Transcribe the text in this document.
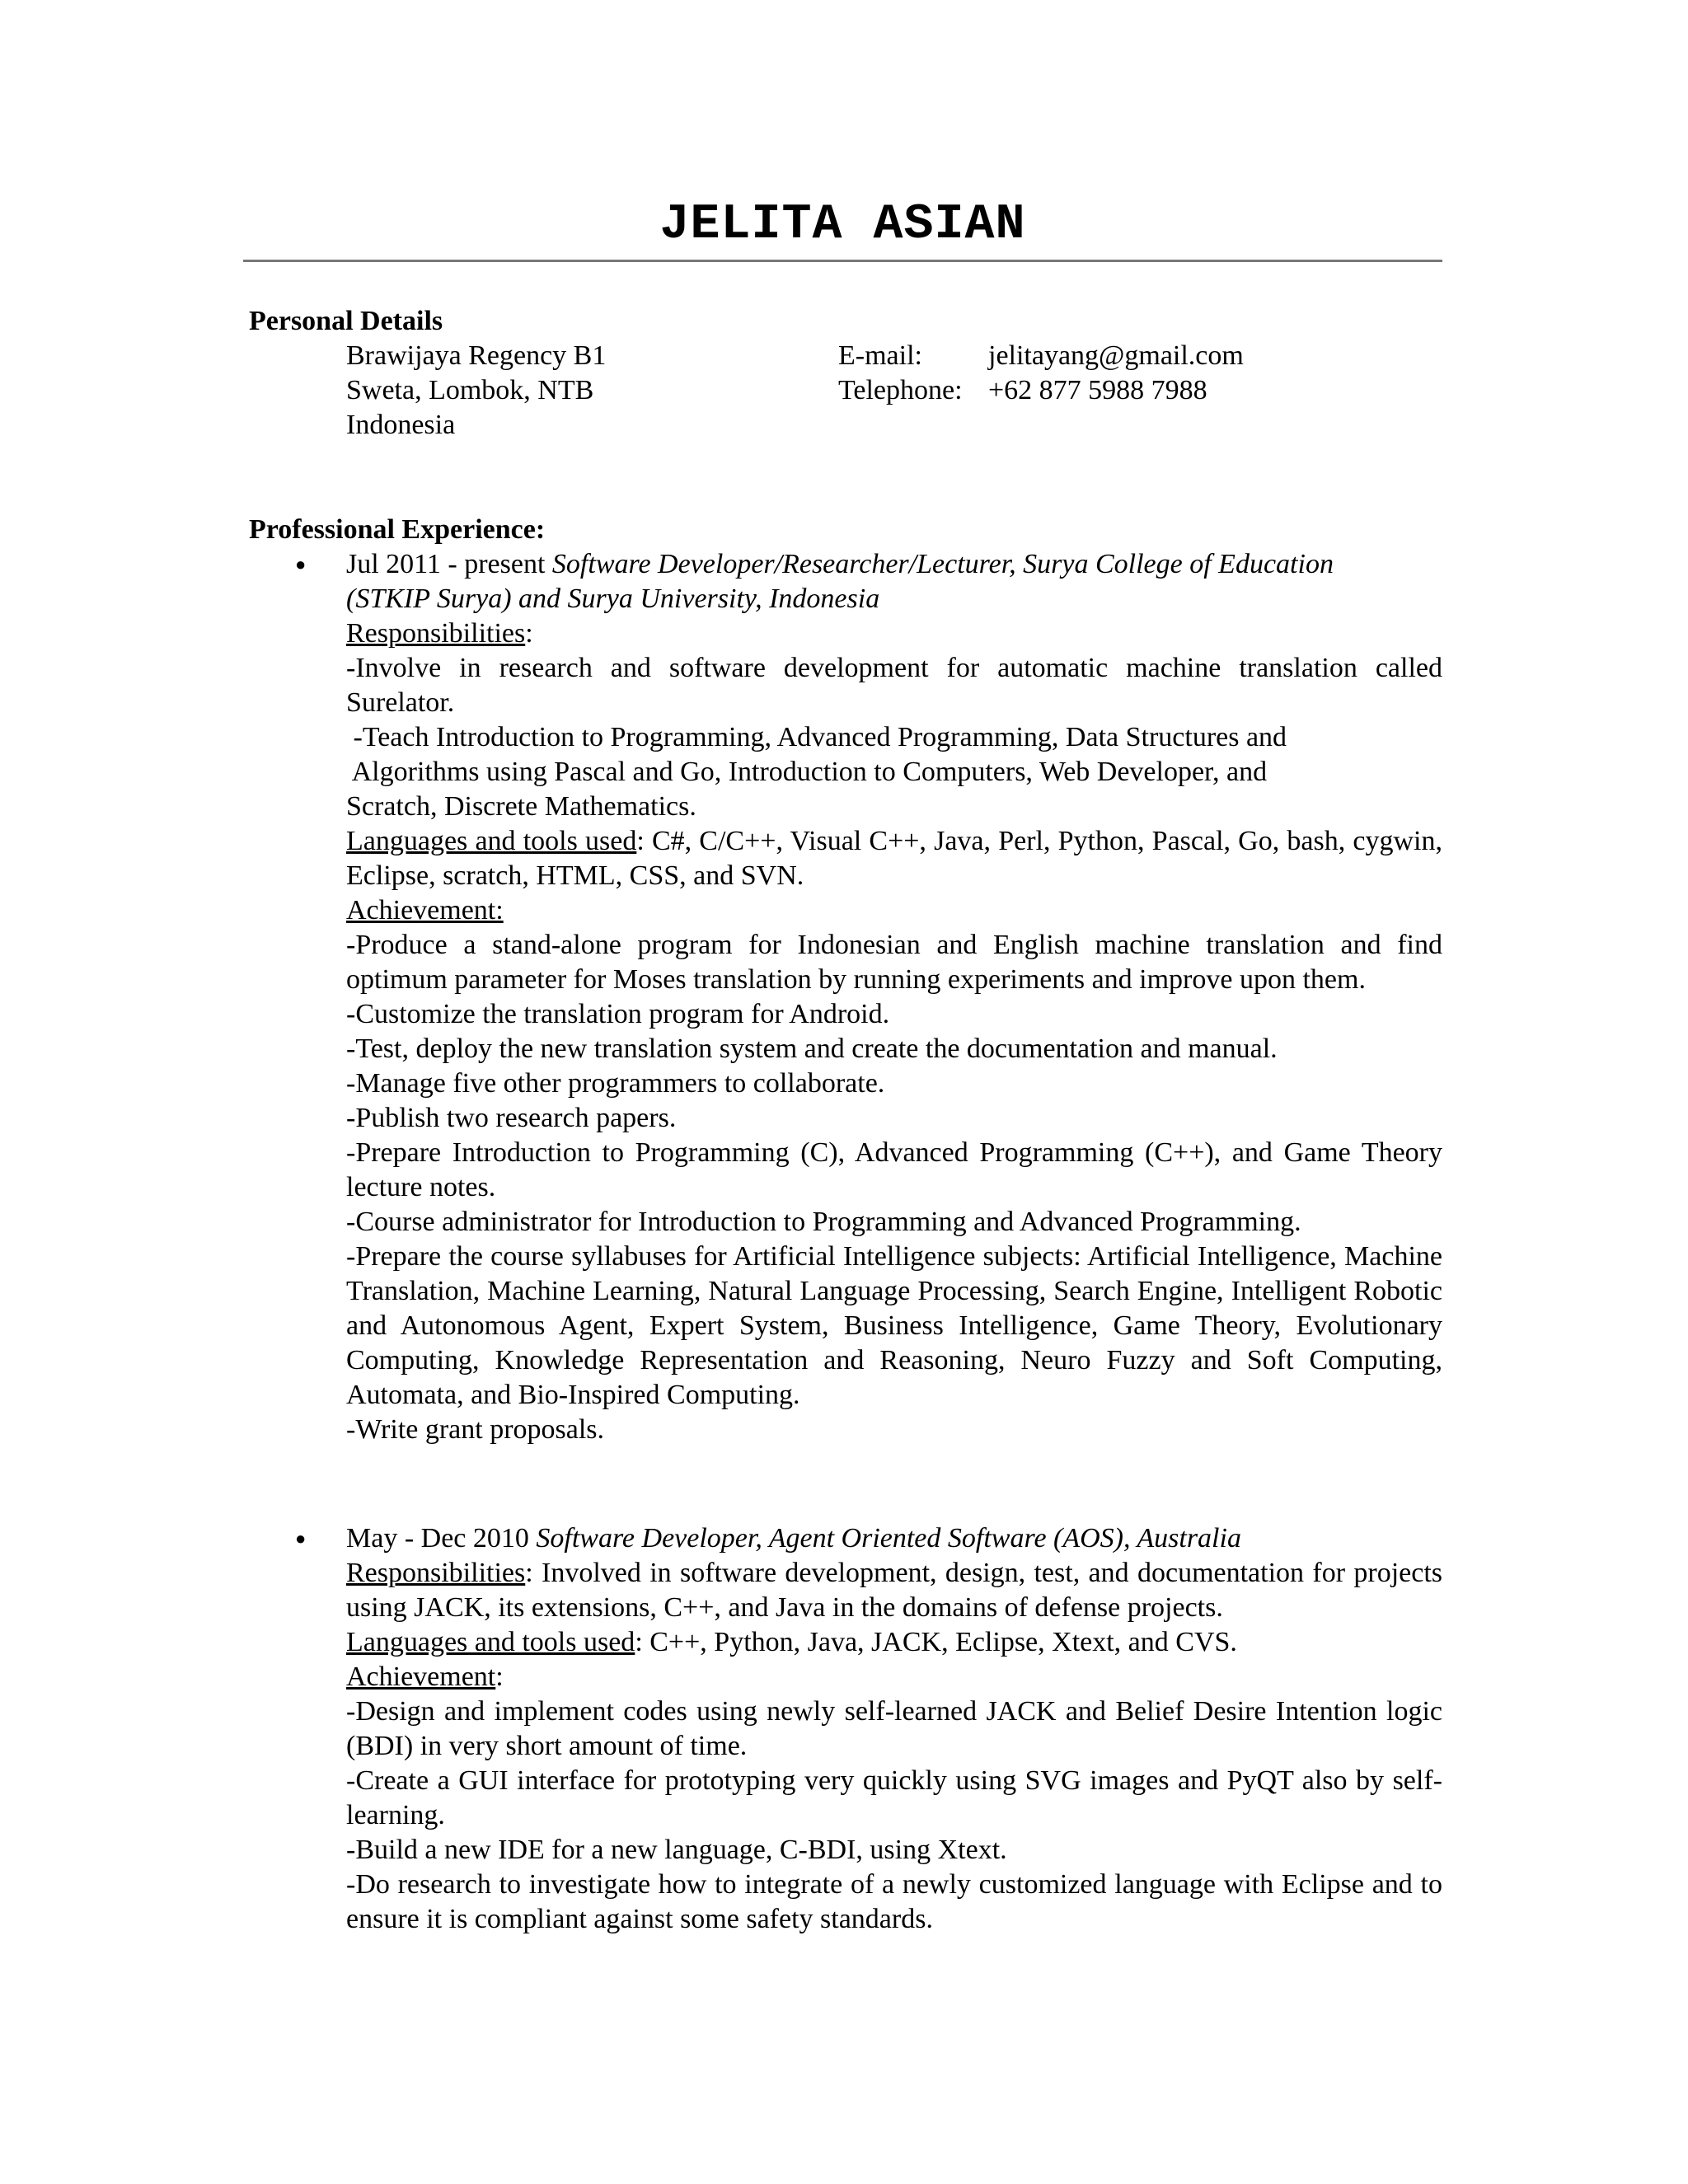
JELITA ASIAN
Personal Details
Brawijaya Regency B1
Sweta, Lombok, NTB
Indonesia
E-mail: jelitayang@gmail.com
Telephone: +62 877 5988 7988
Professional Experience:
● Jul 2011 - present Software Developer/Researcher/Lecturer, Surya College of Education

(STKIP Surya) and Surya University, Indonesia

Responsibilities:

-Involve in research and software development for automatic machine translation called Surelator.

-Teach Introduction to Programming, Advanced Programming, Data Structures and

Algorithms using Pascal and Go, Introduction to Computers, Web Developer, and

Scratch, Discrete Mathematics.

Languages and tools used: C#, C/C++, Visual C++, Java, Perl, Python, Pascal, Go, bash, cygwin, Eclipse, scratch, HTML, CSS, and SVN.

Achievement:

-Produce a stand-alone program for Indonesian and English machine translation and find optimum parameter for Moses translation by running experiments and improve upon them.

-Customize the translation program for Android.

-Test, deploy the new translation system and create the documentation and manual.

-Manage five other programmers to collaborate.

-Publish two research papers.

-Prepare Introduction to Programming (C), Advanced Programming (C++), and Game Theory lecture notes.

-Course administrator for Introduction to Programming and Advanced Programming.

-Prepare the course syllabuses for Artificial Intelligence subjects: Artificial Intelligence, Machine Translation, Machine Learning, Natural Language Processing, Search Engine, Intelligent Robotic and Autonomous Agent, Expert System, Business Intelligence, Game Theory, Evolutionary Computing, Knowledge Representation and Reasoning, Neuro Fuzzy and Soft Computing, Automata, and Bio-Inspired Computing.

-Write grant proposals.

● May - Dec 2010 Software Developer, Agent Oriented Software (AOS), Australia

Responsibilities: Involved in software development, design, test, and documentation for projects using JACK, its extensions, C++, and Java in the domains of defense projects.

Languages and tools used: C++, Python, Java, JACK, Eclipse, Xtext, and CVS.

Achievement:

-Design and implement codes using newly self-learned JACK and Belief Desire Intention logic (BDI) in very short amount of time.

-Create a GUI interface for prototyping very quickly using SVG images and PyQT also by self-learning.

-Build a new IDE for a new language, C-BDI, using Xtext.

-Do research to investigate how to integrate of a newly customized language with Eclipse and to ensure it is compliant against some safety standards.
